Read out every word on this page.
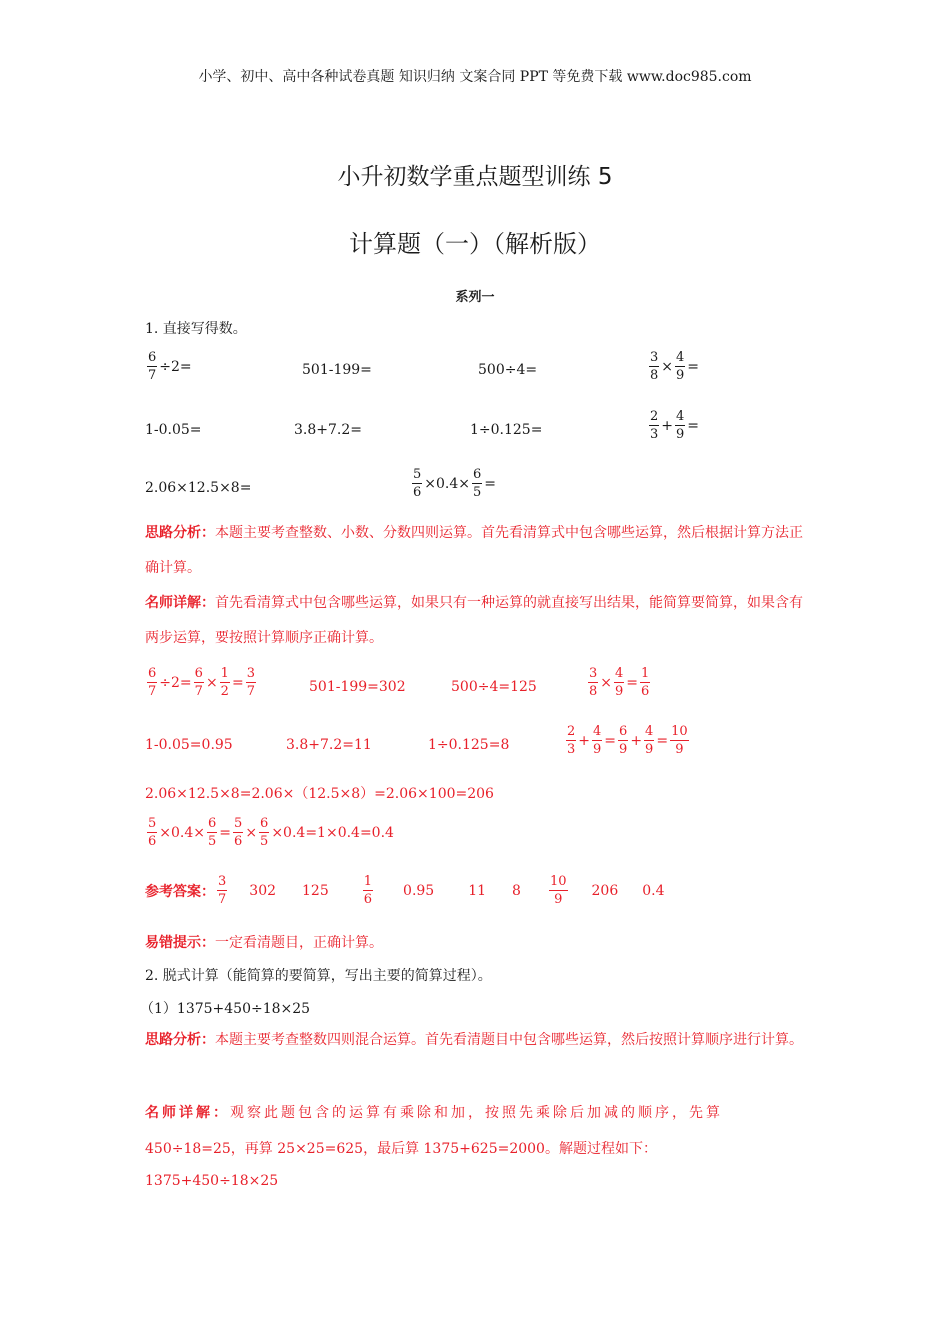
小学、初中、高中各种试卷真题 知识归纳 文案合同 PPT 等免费下载 www.doc985.com
小升初数学重点题型训练 5
计算题（一）（解析版）
系列一
1. 直接写得数。
$\frac{6}{7} \div 2=$	501-199=	500÷4=	$\frac{3}{8} \times \frac{4}{9}$ =
1-0.05=	3.8+7.2=	1÷0.125=	$\frac{2}{3} + \frac{4}{9}$ =
2.06×12.5×8=	$\frac{5}{6} \times 0.4\times \frac{6}{5}$ =
思路分析：本题主要考查整数、小数、分数四则运算。首先看清算式中包含哪些运算，然后根据计算方法正确计算。
名师详解：首先看清算式中包含哪些运算，如果只有一种运算的就直接写出结果，能简算要简算，如果含有两步运算，要按照计算顺序正确计算。
$\frac{6}{7} \div 2= \frac{6}{7} \times \frac{1}{2} = \frac{3}{7}$	501-199=302	500÷4=125	$\frac{3}{8} \times \frac{4}{9} = \frac{1}{6}$
1-0.05=0.95	3.8+7.2=11	1÷0.125=8	$\frac{2}{3} + \frac{4}{9} = \frac{6}{9} + \frac{4}{9} = \frac{10}{9}$
2.06×12.5×8=2.06×（12.5×8）=2.06×100=206
$\frac{5}{6} \times 0.4\times \frac{6}{5} = \frac{5}{6} \times \frac{6}{5} \times 0.4=1\times 0.4=0.4$
参考答案： $\frac{3}{7} 302$ 125	$\frac{1}{6} 0.95$ 11 $8 \frac{10}{9} 206$ 0.4
易错提示：一定看清题目，正确计算。
2. 脱式计算（能简算的要简算，写出主要的简算过程）。
（1）1375+450÷18×25
思路分析：本题主要考查整数四则混合运算。首先看清题目中包含哪些运算，然后按照计算顺序进行计算。
名师详解：观察此题包含的运算有乘除和加，按照先乘除后加减的顺序，先算
450÷18=25，再算 25×25=625，最后算 1375+625=2000。解题过程如下：
1375+450÷18×25
